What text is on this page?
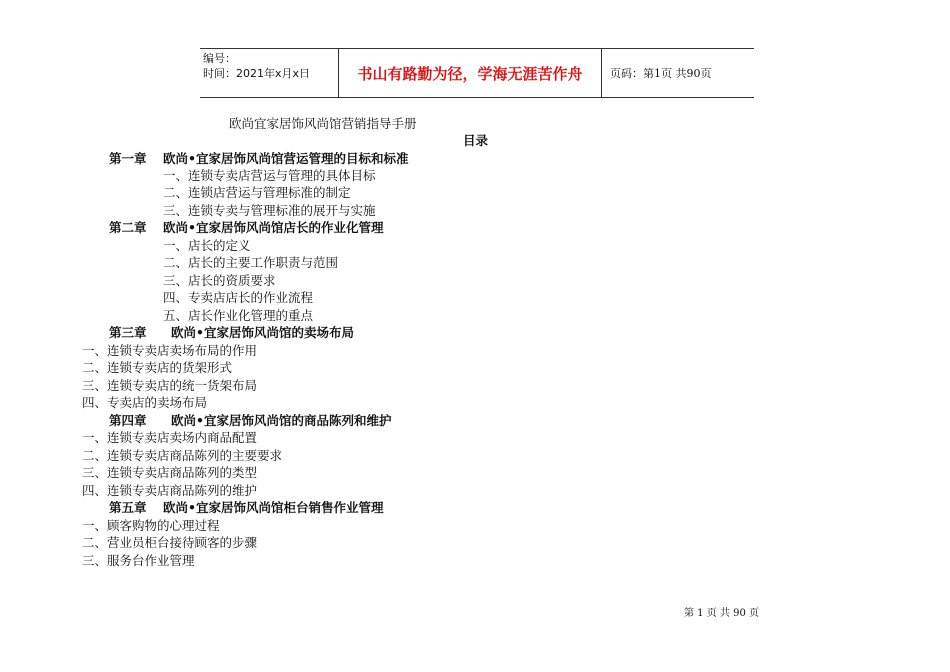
编号：
时间：2021年x月x日	书山有路勤为径，学海无涯苦作舟	页码：第1页 共90页
欧尚宜家居饰风尚馆营销指导手册
目录
第一章 欧尚•宜家居饰风尚馆营运管理的目标和标准
一、连锁专卖店营运与管理的具体目标
二、连锁店营运与管理标准的制定
三、连锁专卖与管理标准的展开与实施
第二章 欧尚•宜家居饰风尚馆店长的作业化管理
一、店长的定义
二、店长的主要工作职责与范围
三、店长的资质要求
四、专卖店店长的作业流程
五、店长作业化管理的重点
第三章 欧尚•宜家居饰风尚馆的卖场布局
一、连锁专卖店卖场布局的作用
二、连锁专卖店的货架形式
三、连锁专卖店的统一货架布局
四、专卖店的卖场布局
第四章 欧尚•宜家居饰风尚馆的商品陈列和维护
一、连锁专卖店卖场内商品配置
二、连锁专卖店商品陈列的主要要求
三、连锁专卖店商品陈列的类型
四、连锁专卖店商品陈列的维护
第五章 欧尚•宜家居饰风尚馆柜台销售作业管理
一、顾客购物的心理过程
二、营业员柜台接待顾客的步骤
三、服务台作业管理
第 1 页 共 90 页
